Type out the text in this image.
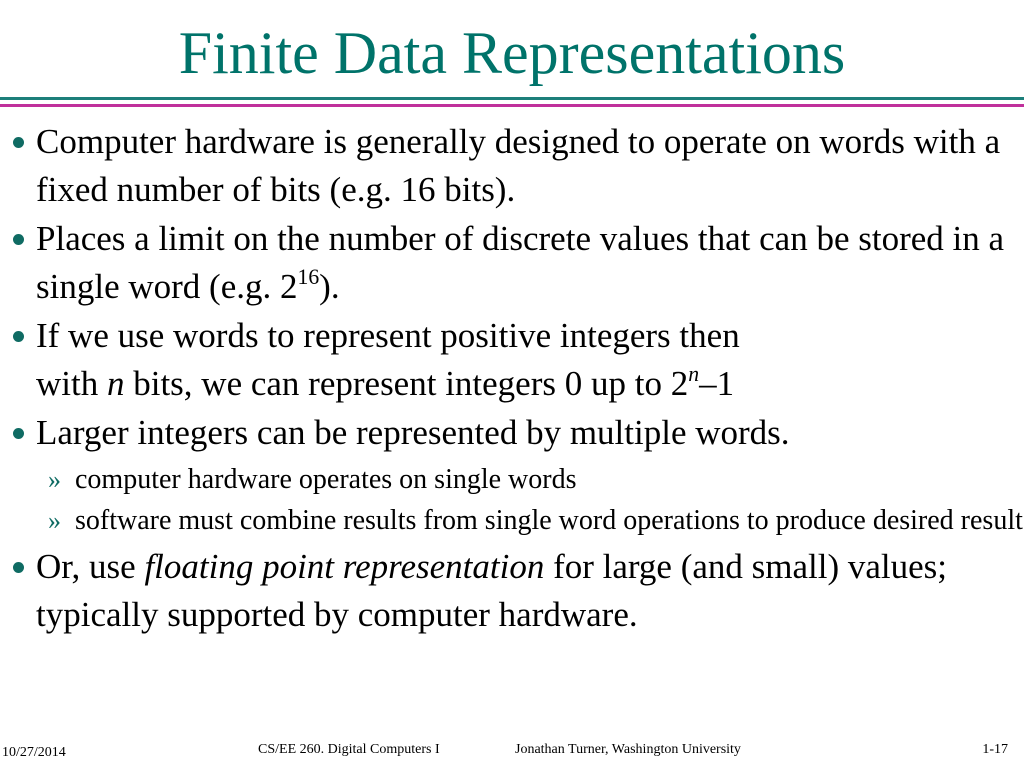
Finite Data Representations
Computer hardware is generally designed to operate on words with a fixed number of bits (e.g. 16 bits).
Places a limit on the number of discrete values that can be stored in a single word (e.g. $2^{16}$).
If we use words to represent positive integers then
with n bits, we can represent integers 0 up to 2$^n$–1
Larger integers can be represented by multiple words.
» computer hardware operates on single words
» software must combine results from single word operations to produce desired result
Or, use floating point representation for large (and small) values; typically supported by computer hardware.
10/27/2014	CS/EE 260. Digital Computers I	Jonathan Turner, Washington University	1-17
